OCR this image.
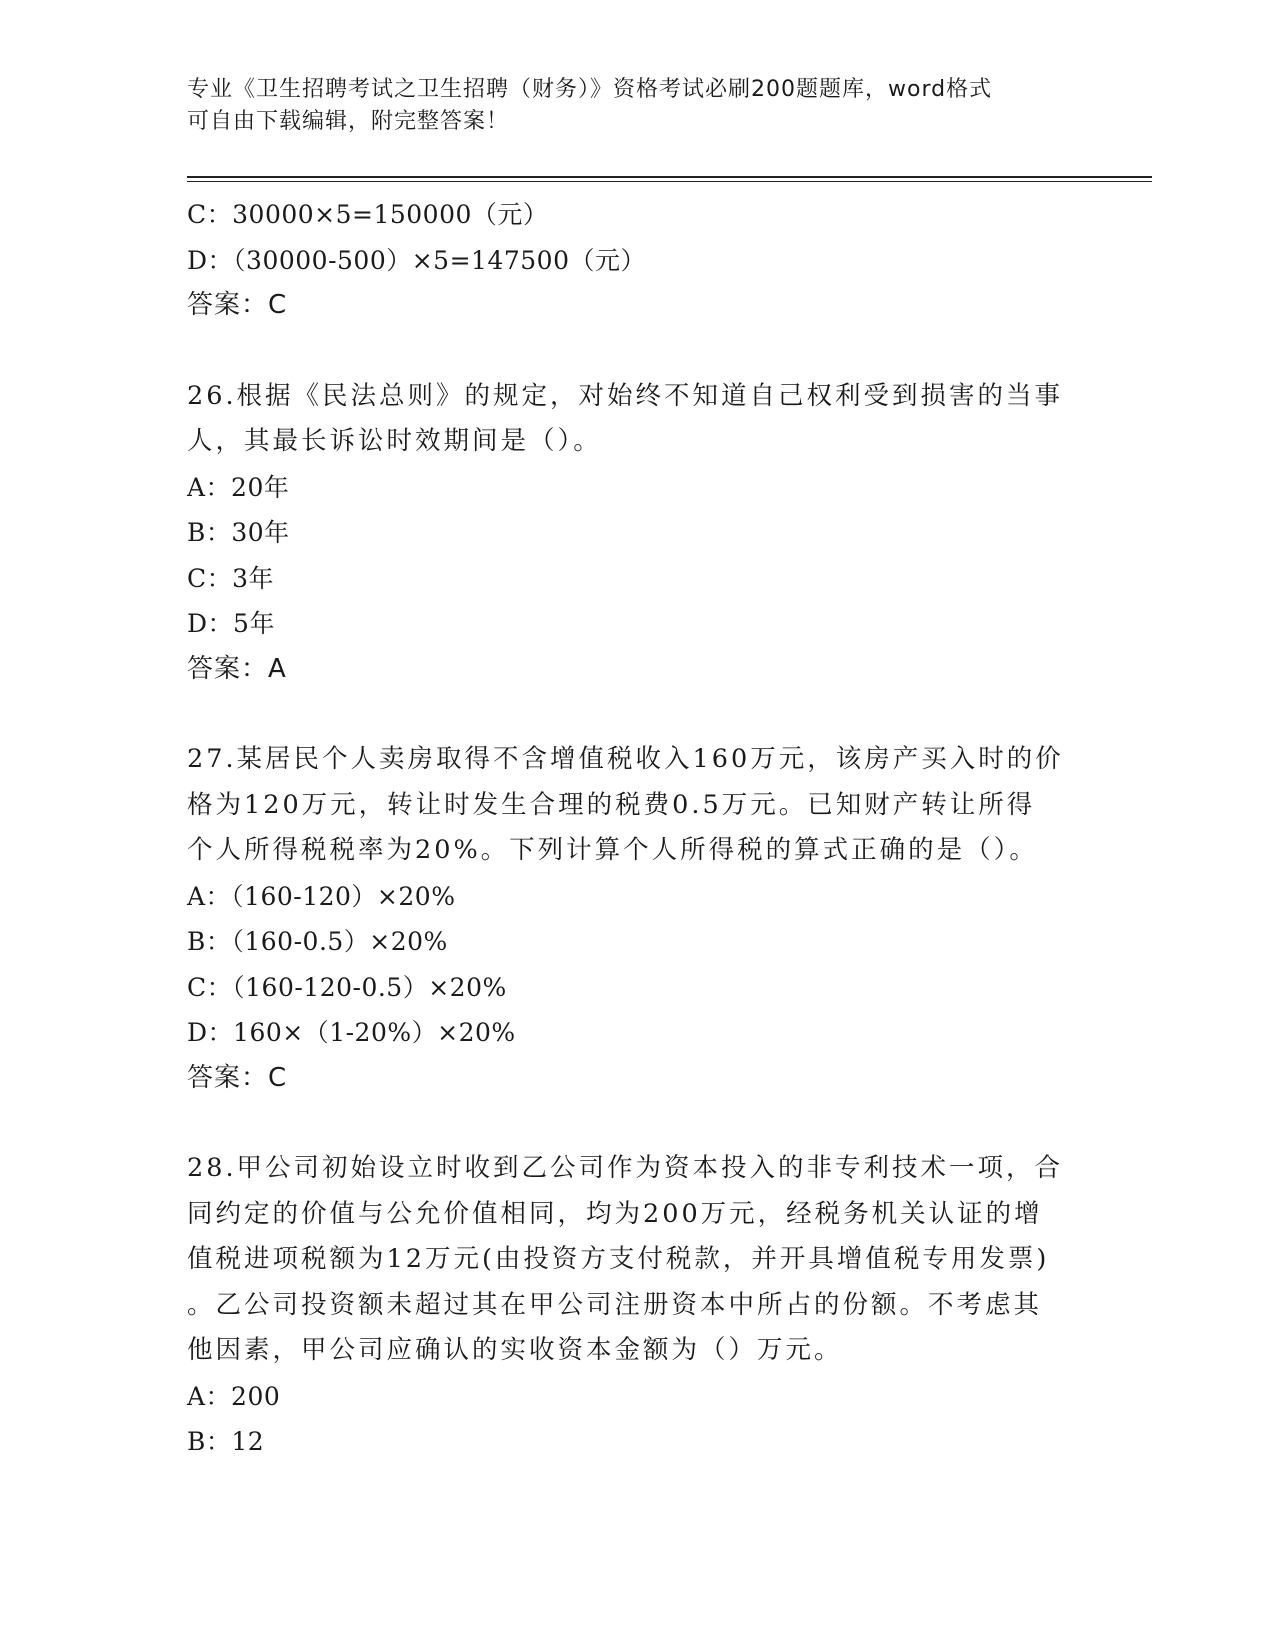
专业《卫生招聘考试之卫生招聘（财务）》资格考试必刷200题题库，word格式
可自由下载编辑，附完整答案！
C：30000×5=150000（元）
D：（30000-500）×5=147500（元）
答案：C
26.根据《民法总则》的规定，对始终不知道自己权利受到损害的当事
人，其最长诉讼时效期间是（）。
A：20年
B：30年
C：3年
D：5年
答案：A
27.某居民个人卖房取得不含增值税收入160万元，该房产买入时的价
格为120万元，转让时发生合理的税费0.5万元。已知财产转让所得
个人所得税税率为20%。下列计算个人所得税的算式正确的是（）。
A：（160-120）×20%
B：（160-0.5）×20%
C：（160-120-0.5）×20%
D：160×（1-20%）×20%
答案：C
28.甲公司初始设立时收到乙公司作为资本投入的非专利技术一项，合
同约定的价值与公允价值相同，均为200万元，经税务机关认证的增
值税进项税额为12万元(由投资方支付税款，并开具增值税专用发票)
。乙公司投资额未超过其在甲公司注册资本中所占的份额。不考虑其
他因素，甲公司应确认的实收资本金额为（）万元。
A：200
B：12
